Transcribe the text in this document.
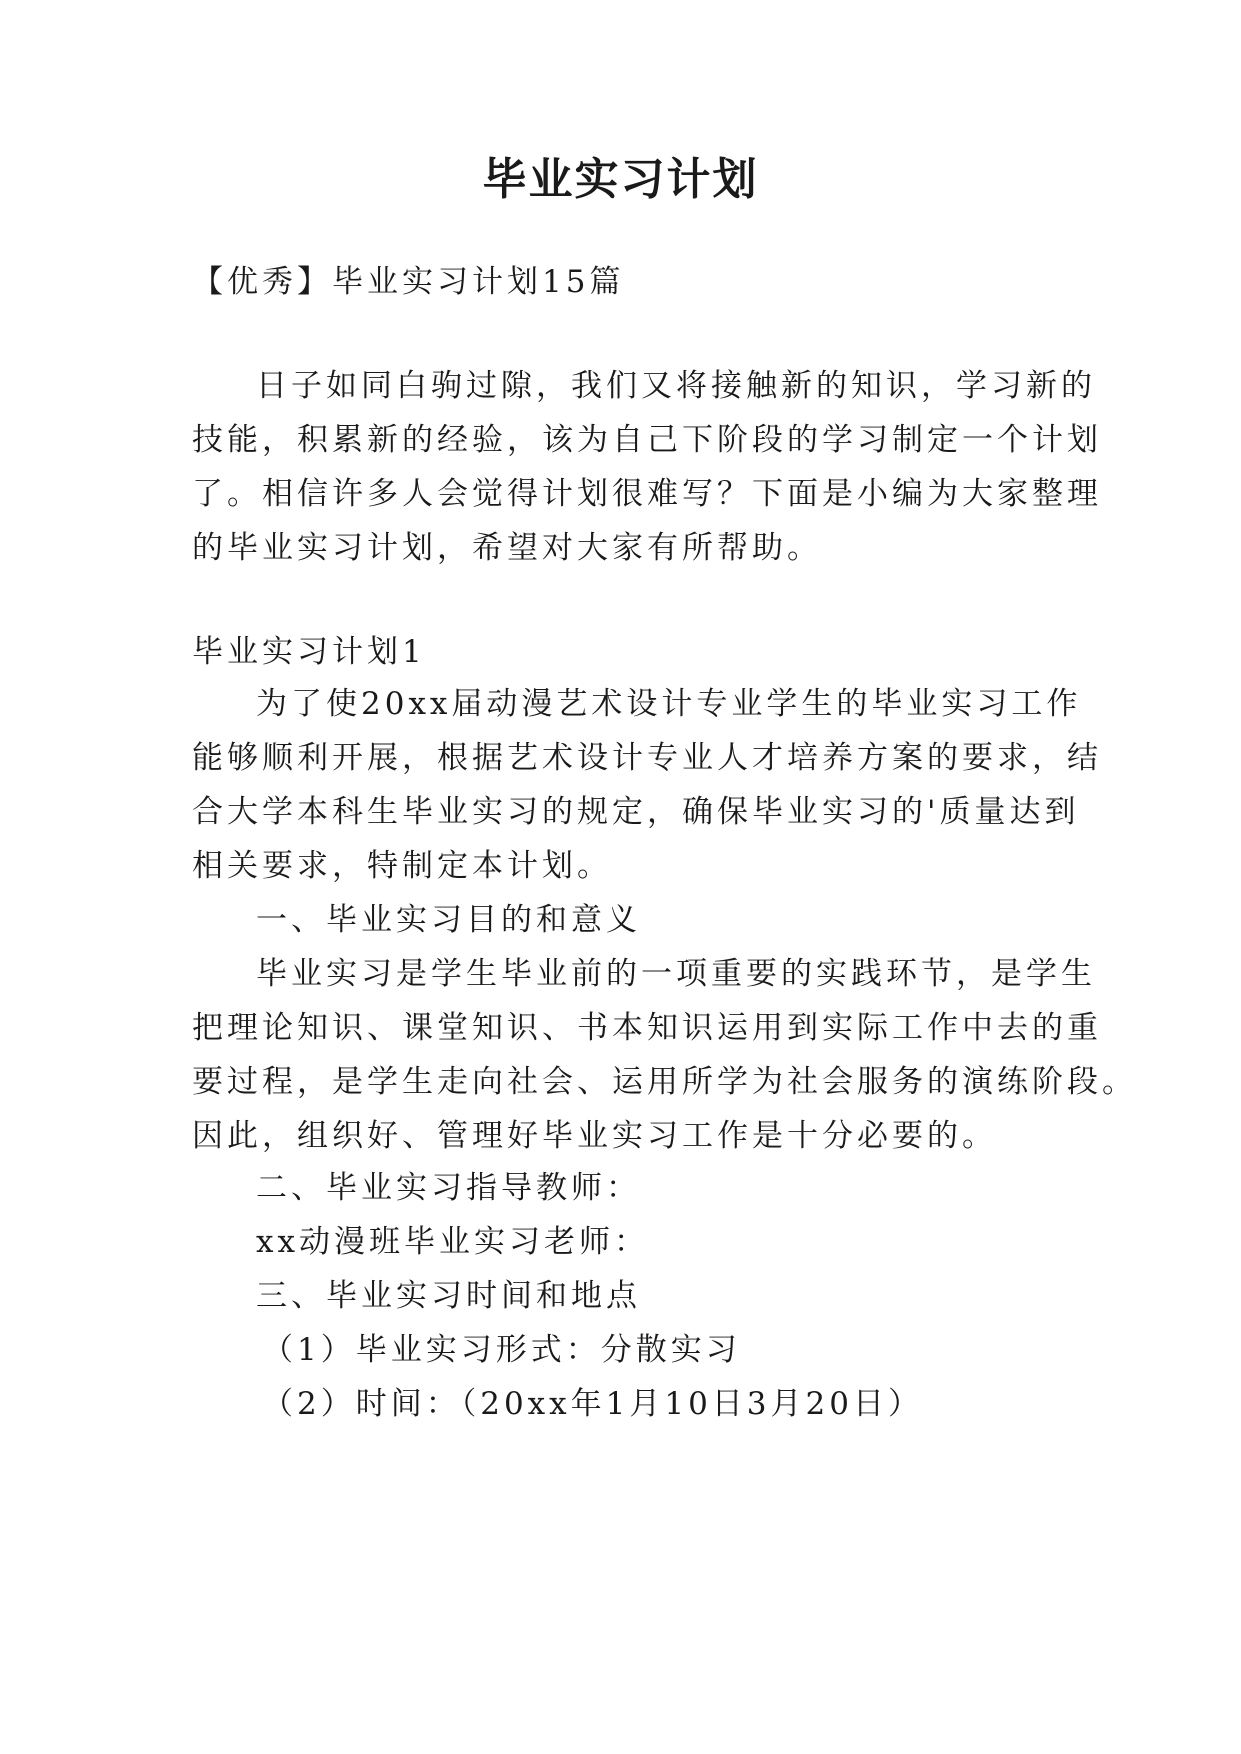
毕业实习计划
【优秀】毕业实习计划15篇
日子如同白驹过隙，我们又将接触新的知识，学习新的
技能，积累新的经验，该为自己下阶段的学习制定一个计划
了。相信许多人会觉得计划很难写？下面是小编为大家整理
的毕业实习计划，希望对大家有所帮助。
毕业实习计划1
为了使20xx届动漫艺术设计专业学生的毕业实习工作
能够顺利开展，根据艺术设计专业人才培养方案的要求，结
合大学本科生毕业实习的规定，确保毕业实习的'质量达到
相关要求，特制定本计划。
一、毕业实习目的和意义
毕业实习是学生毕业前的一项重要的实践环节，是学生
把理论知识、课堂知识、书本知识运用到实际工作中去的重
要过程，是学生走向社会、运用所学为社会服务的演练阶段。
因此，组织好、管理好毕业实习工作是十分必要的。
二、毕业实习指导教师：
xx动漫班毕业实习老师：
三、毕业实习时间和地点
（1）毕业实习形式：分散实习
（2）时间：（20xx年1月10日3月20日）
